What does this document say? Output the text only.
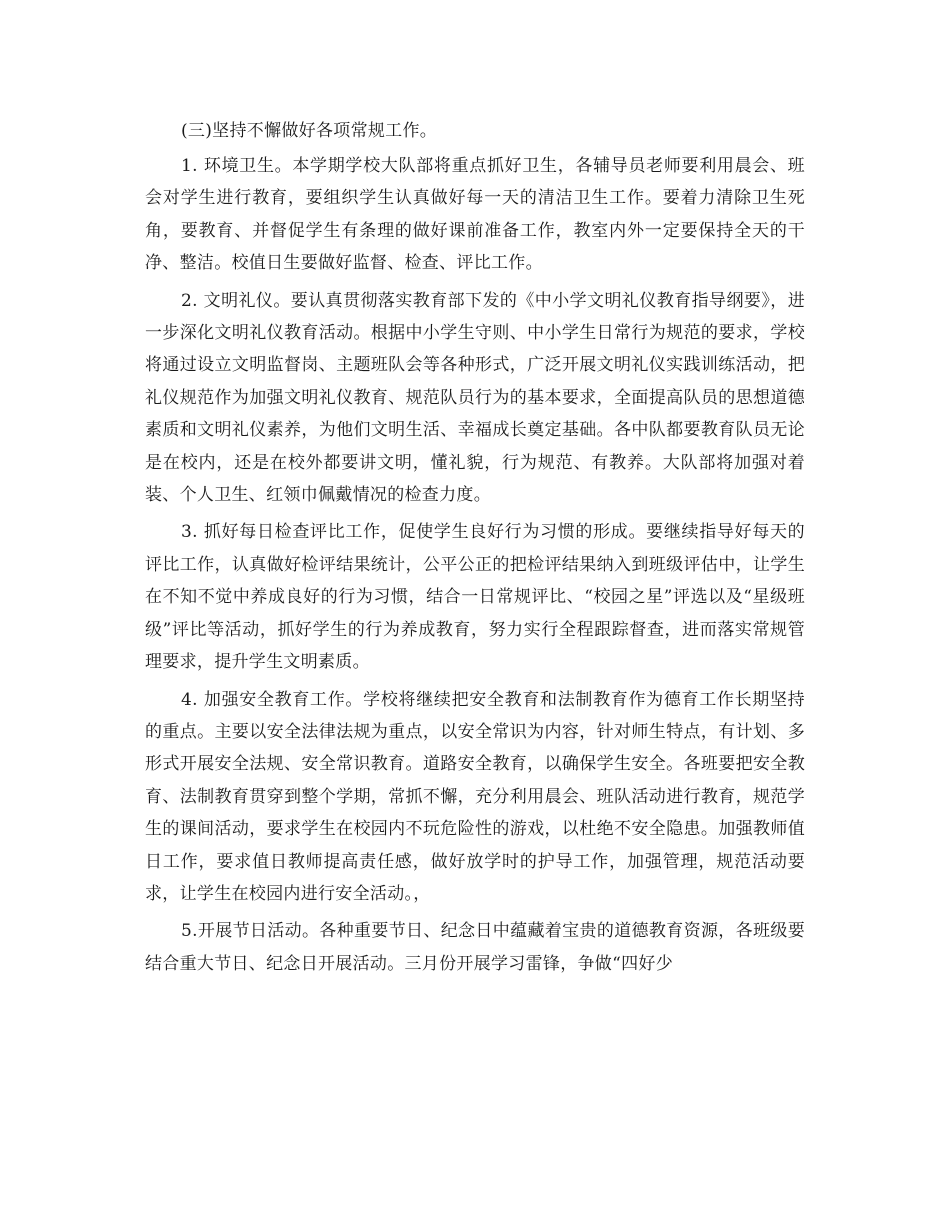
(三)坚持不懈做好各项常规工作。

1. 环境卫生。本学期学校大队部将重点抓好卫生，各辅导员老师要利用晨会、班会对学生进行教育，要组织学生认真做好每一天的清洁卫生工作。要着力清除卫生死角，要教育、并督促学生有条理的做好课前准备工作，教室内外一定要保持全天的干净、整洁。校值日生要做好监督、检查、评比工作。

2. 文明礼仪。要认真贯彻落实教育部下发的《中小学文明礼仪教育指导纲要》，进一步深化文明礼仪教育活动。根据中小学生守则、中小学生日常行为规范的要求，学校将通过设立文明监督岗、主题班队会等各种形式，广泛开展文明礼仪实践训练活动，把礼仪规范作为加强文明礼仪教育、规范队员行为的基本要求，全面提高队员的思想道德素质和文明礼仪素养，为他们文明生活、幸福成长奠定基础。各中队都要教育队员无论是在校内，还是在校外都要讲文明，懂礼貌，行为规范、有教养。大队部将加强对着装、个人卫生、红领巾佩戴情况的检查力度。

3. 抓好每日检查评比工作，促使学生良好行为习惯的形成。要继续指导好每天的评比工作，认真做好检评结果统计，公平公正的把检评结果纳入到班级评估中，让学生在不知不觉中养成良好的行为习惯，结合一日常规评比、“校园之星”评选以及“星级班级”评比等活动，抓好学生的行为养成教育，努力实行全程跟踪督查，进而落实常规管理要求，提升学生文明素质。

4. 加强安全教育工作。学校将继续把安全教育和法制教育作为德育工作长期坚持的重点。主要以安全法律法规为重点，以安全常识为内容，针对师生特点，有计划、多形式开展安全法规、安全常识教育。道路安全教育，以确保学生安全。各班要把安全教育、法制教育贯穿到整个学期，常抓不懈，充分利用晨会、班队活动进行教育，规范学生的课间活动，要求学生在校园内不玩危险性的游戏，以杜绝不安全隐患。加强教师值日工作，要求值日教师提高责任感，做好放学时的护导工作，加强管理，规范活动要求，让学生在校园内进行安全活动。，

5.开展节日活动。各种重要节日、纪念日中蕴藏着宝贵的道德教育资源，各班级要结合重大节日、纪念日开展活动。三月份开展学习雷锋，争做“四好少
